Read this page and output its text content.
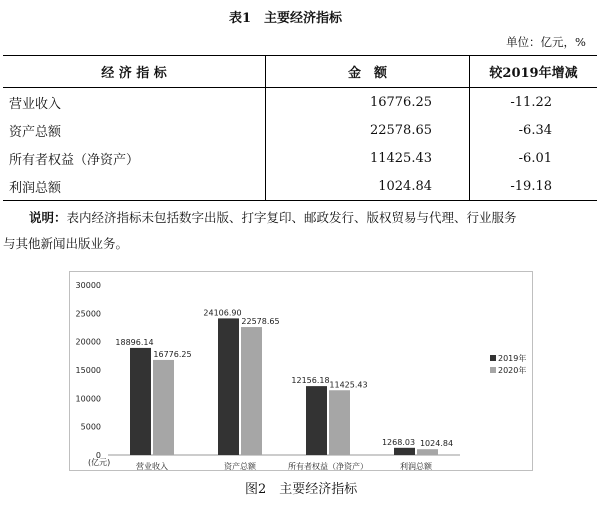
表1　主要经济指标
单位：亿元，%
经 济 指 标	金　额	较2019年增减
营业收入	16776.25	-11.22
资产总额	22578.65	-6.34
所有者权益（净资产）	11425.43	-6.01
利润总额	1024.84	-19.18
说明：表内经济指标未包括数字出版、打字复印、邮政发行、版权贸易与代理、行业服务
与其他新闻出版业务。
0
5000
10000
15000
20000
25000
30000
(亿元)
18896.14
16776.25
营业收入
24106.90
22578.65
资产总额
12156.18 11425.43
所有者权益（净资产）
1268.03 1024.84
利润总额
2019年
2020年
图2　主要经济指标
